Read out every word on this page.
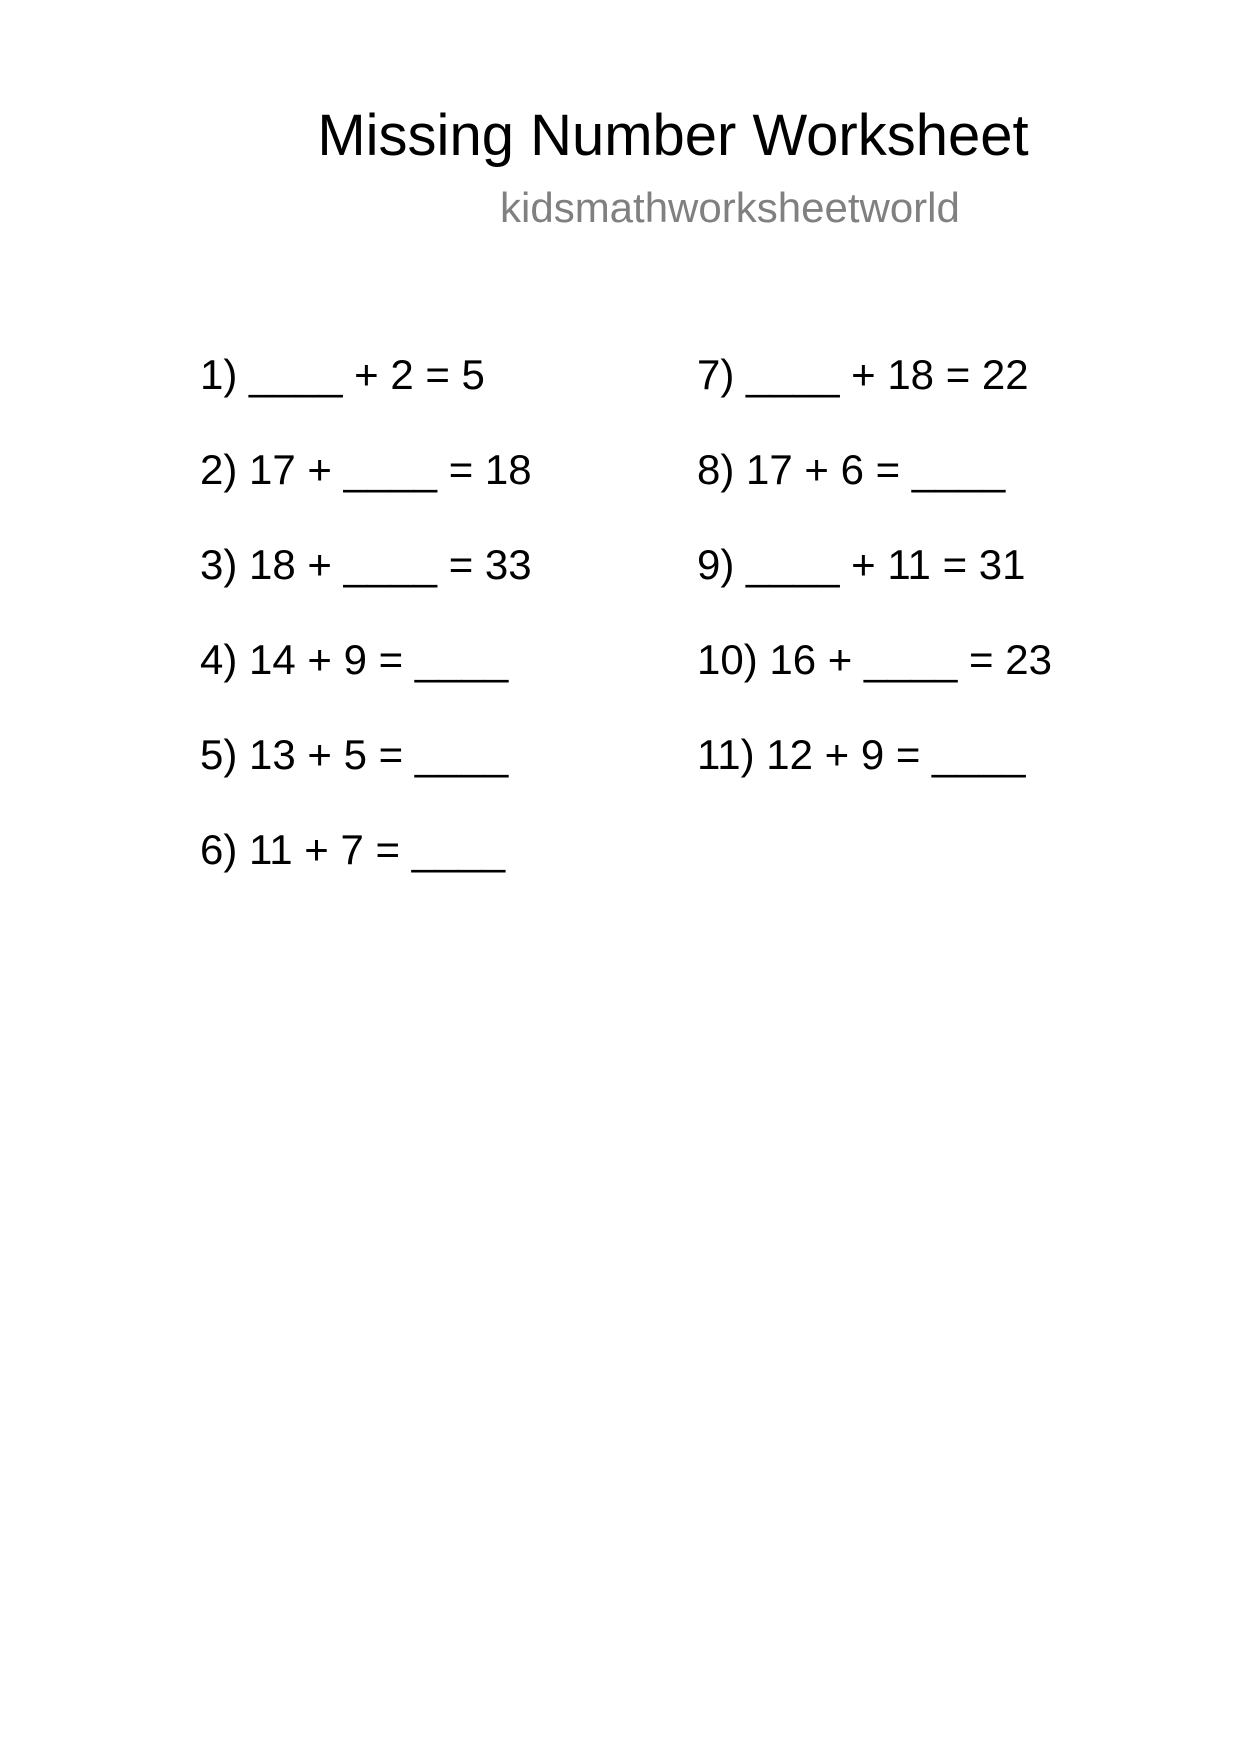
Missing Number Worksheet
kidsmathworksheetworld
1) ____ + 2 = 5
2) 17 + ____ = 18
3) 18 + ____ = 33
4) 14 + 9 = ____
5) 13 + 5 = ____
6) 11 + 7 = ____
7) ____ + 18 = 22
8) 17 + 6 = ____
9) ____ + 11 = 31
10) 16 + ____ = 23
11) 12 + 9 = ____
